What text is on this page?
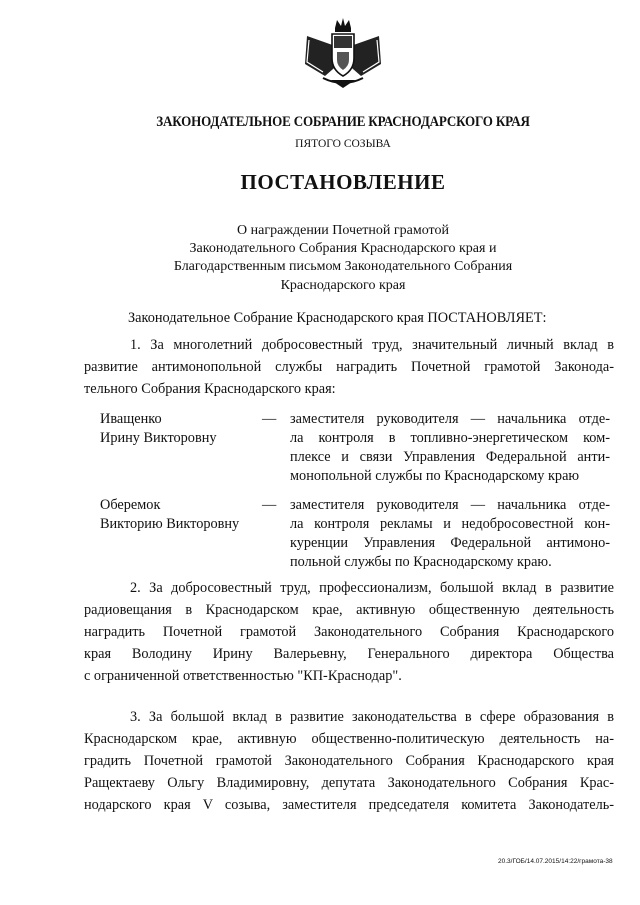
ЗАКОНОДАТЕЛЬНОЕ СОБРАНИЕ КРАСНОДАРСКОГО КРАЯ
ПЯТОГО СОЗЫВА
ПОСТАНОВЛЕНИЕ
О награждении Почетной грамотой
Законодательного Собрания Краснодарского края и
Благодарственным письмом Законодательного Собрания
Краснодарского края
Законодательное Собрание Краснодарского края ПОСТАНОВЛЯЕТ:
1. За многолетний добросовестный труд, значительный личный вклад в
развитие антимонопольной службы наградить Почетной грамотой Законода-
тельного Собрания Краснодарского края:
Иващенко
Ирину Викторовну
— заместителя руководителя — начальника отде-
ла контроля в топливно-энергетическом ком-
плексе и связи Управления Федеральной анти-
монопольной службы по Краснодарскому краю
Оберемок
Викторию Викторовну
— заместителя руководителя — начальника отде-
ла контроля рекламы и недобросовестной кон-
куренции Управления Федеральной антимоно-
польной службы по Краснодарскому краю.
2. За добросовестный труд, профессионализм, большой вклад в развитие
радиовещания в Краснодарском крае, активную общественную деятельность
наградить Почетной грамотой Законодательного Собрания Краснодарского
края Володину Ирину Валерьевну, Генерального директора Общества
с ограниченной ответственностью "КП-Краснодар".
3. За большой вклад в развитие законодательства в сфере образования в
Краснодарском крае, активную общественно-политическую деятельность на-
градить Почетной грамотой Законодательного Собрания Краснодарского края
Ращектаеву Ольгу Владимировну, депутата Законодательного Собрания Крас-
нодарского края V созыва, заместителя председателя комитета Законодатель-
20.3/ГОБ/14.07.2015/14:22/грамота-38
